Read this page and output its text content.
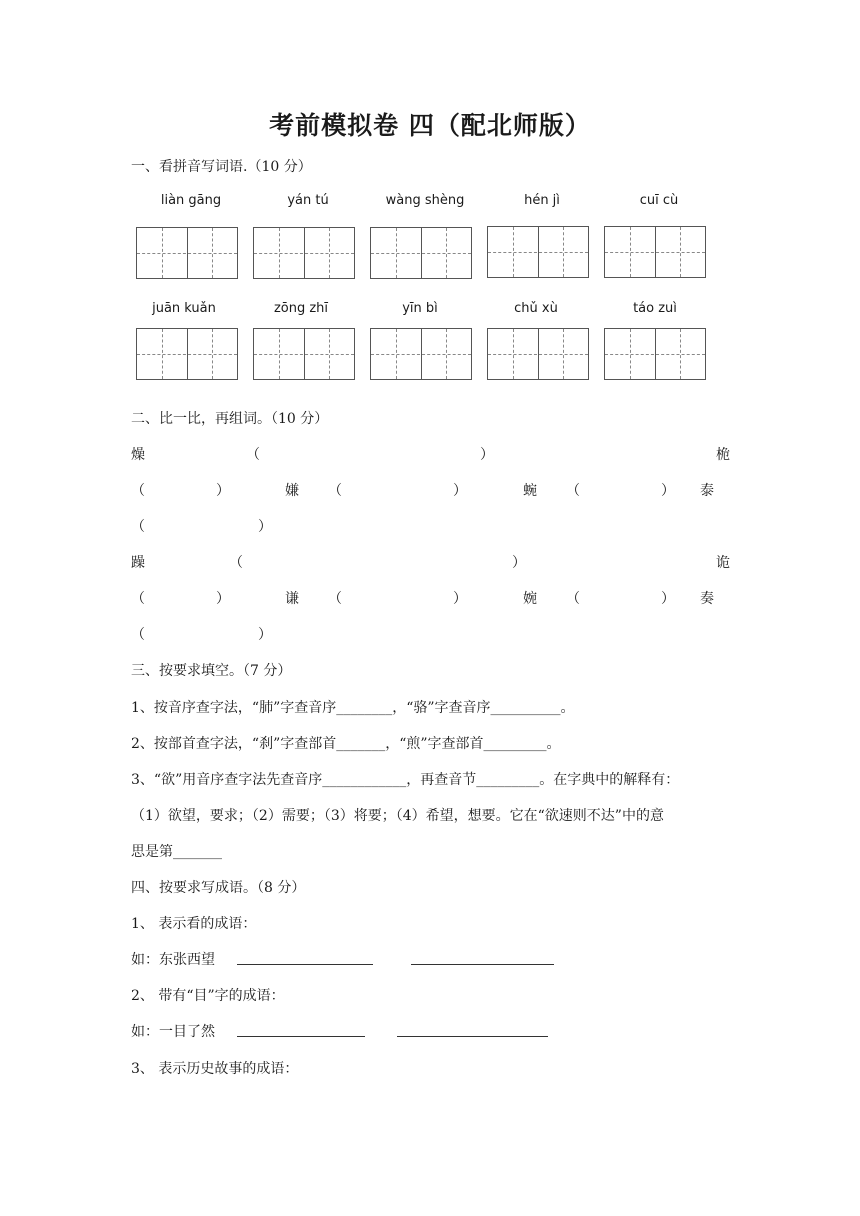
考前模拟卷 四（配北师版）
一、看拼音写词语.（10 分）
liàn gāng	yán tú	wàng shèng	hén jì	cuī cù
juān kuǎn	zōng zhī	yīn bì	chǔ xù	táo zuì
二、比一比，再组词。（10 分）
燥	（	）	桅
（	）	嫌 （	）	蜿 （	） 泰
（	）
躁	（	）	诡
（	）	谦 （	）	婉 （	） 奏
（	）
三、按要求填空。（7 分）
1、按音序查字法，“肺”字查音序________，“骆”字查音序__________。
2、按部首查字法，“刹”字查部首_______，“煎”字查部首_________。
3、“欲”用音序查字法先查音序____________，再查音节_________。在字典中的解释有：
（1）欲望，要求；（2）需要；（3）将要；（4）希望，想要。它在“欲速则不达”中的意
思是第_______
四、按要求写成语。（8 分）
1、 表示看的成语：
如：东张西望
2、 带有“目”字的成语：
如：一目了然
3、 表示历史故事的成语：
